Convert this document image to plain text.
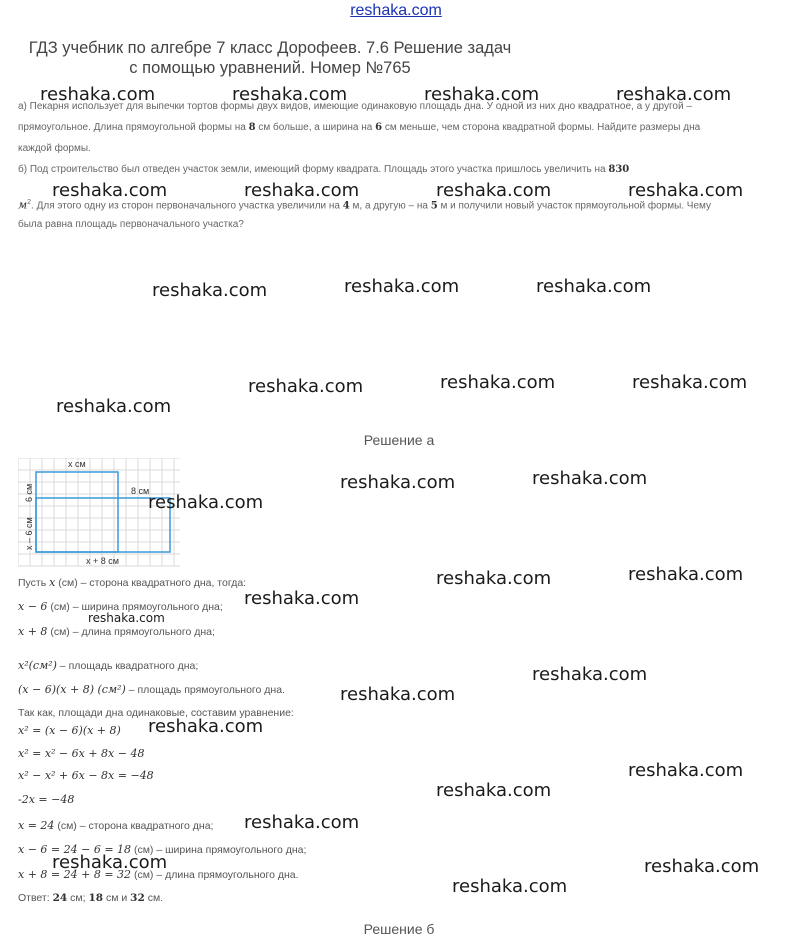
reshaka.com
ГДЗ учебник по алгебре 7 класс Дорофеев. 7.6 Решение задач
с помощью уравнений. Номер №765
а) Пекарня использует для выпечки тортов формы двух видов, имеющие одинаковую площадь дна. У одной из них дно квадратное, а у другой –
прямоугольное. Длина прямоугольной формы на 8 см больше, а ширина на 6 см меньше, чем сторона квадратной формы. Найдите размеры дна
каждой формы.
б) Под строительство был отведен участок земли, имеющий форму квадрата. Площадь этого участка пришлось увеличить на 830
$м^2$. Для этого одну из сторон первоначального участка увеличили на 4 м, а другую – на 5 м и получили новый участок прямоугольной формы. Чему
была равна площадь первоначального участка?
Решение а
x см
8 см
6 см
x – 6 см
x + 8 см
Пусть x (см) – сторона квадратного дна, тогда:
x − 6 (см) – ширина прямоугольного дна;
x + 8 (см) – длина прямоугольного дна;
x²(см²) – площадь квадратного дна;
(x − 6)(x + 8) (см²) – площадь прямоугольного дна.
Так как, площади дна одинаковые, составим уравнение:
x² = (x − 6)(x + 8)
x² = x² − 6x + 8x − 48
x² − x² + 6x − 8x = −48
-2x = −48
x = 24 (см) – сторона квадратного дна;
x − 6 = 24 − 6 = 18 (см) – ширина прямоугольного дна;
x + 8 = 24 + 8 = 32 (см) – длина прямоугольного дна.
Ответ: 24 см; 18 см и 32 см.
Решение б
reshaka.com	reshaka.com	reshaka.com	reshaka.com
reshaka.com	reshaka.com	reshaka.com	reshaka.com
reshaka.com	reshaka.com	reshaka.com
reshaka.com	reshaka.com	reshaka.com
reshaka.com
reshaka.com	reshaka.com
reshaka.com
reshaka.com	reshaka.com
reshaka.com
reshaka.com
reshaka.com
reshaka.com
reshaka.com
reshaka.com
reshaka.com
reshaka.com
reshaka.com	reshaka.com
reshaka.com
